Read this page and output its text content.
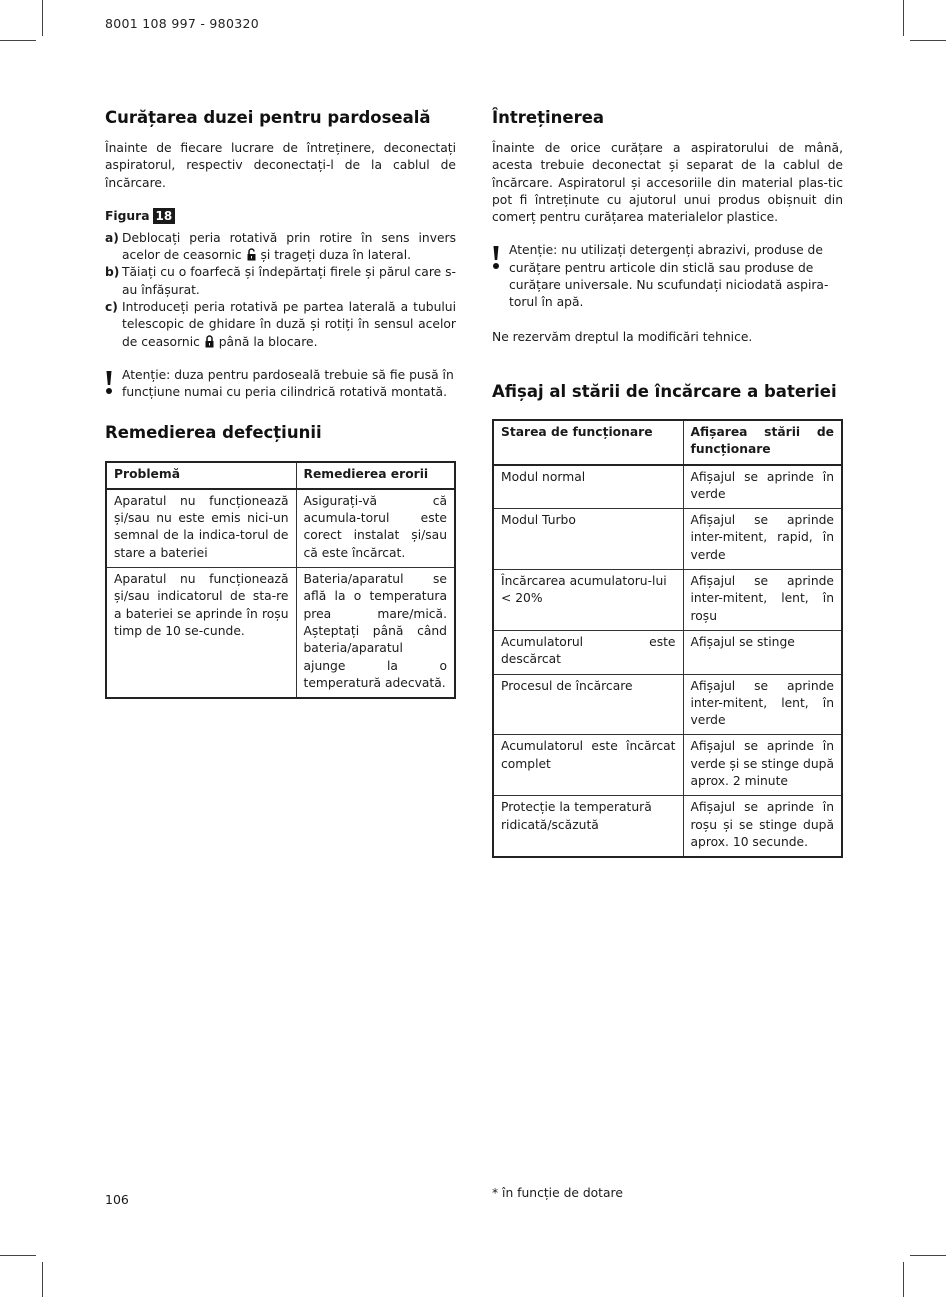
8001 108 997 - 980320
Curățarea duzei pentru pardoseală

Înainte de fiecare lucrare de întreținere, deconectați aspiratorul, respectiv deconectați-l de la cablul de încărcare.

Figura 18
a) Deblocați peria rotativă prin rotire în sens invers acelor de ceasornic și trageți duza în lateral.
b) Tăiați cu o foarfecă și îndepărtați firele și părul care s-au înfășurat.
c) Introduceți peria rotativă pe partea laterală a tubului telescopic de ghidare în duză și rotiți în sensul acelor de ceasornic până la blocare.
Atenție: duza pentru pardoseală trebuie să fie pusă în funcțiune numai cu peria cilindrică rotativă montată.
Remedierea defecțiunii
Problemă	Remedierea erorii
Aparatul nu funcționează și/sau nu este emis nici-un semnal de la indica-torul de stare a bateriei	Asigurați-vă că acumula-torul este corect instalat și/sau că este încărcat.
Aparatul nu funcționează și/sau indicatorul de sta-re a bateriei se aprinde în roșu timp de 10 se-cunde.	Bateria/aparatul se află la o temperatura prea mare/mică. Așteptați până când bateria/aparatul ajunge la o temperatură adecvată.
Întreținerea

Înainte de orice curățare a aspiratorului de mână, acesta trebuie deconectat și separat de la cablul de încărcare. Aspiratorul și accesoriile din material plas-tic pot fi întreținute cu ajutorul unui produs obișnuit din comerț pentru curățarea materialelor plastice.

Atenție: nu utilizați detergenți abrazivi, produse de curățare pentru articole din sticlă sau produse de curățare universale. Nu scufundați niciodată aspira-torul în apă.

Ne rezervăm dreptul la modificări tehnice.

Afișaj al stării de încărcare a bateriei
Starea de funcționare	Afișarea stării de funcționare
Modul normal	Afișajul se aprinde în verde
Modul Turbo	Afișajul se aprinde inter-mitent, rapid, în verde
Încărcarea acumulatoru-lui < 20%	Afișajul se aprinde inter-mitent, lent, în roșu
Acumulatorul este descărcat	Afișajul se stinge
Procesul de încărcare	Afișajul se aprinde inter-mitent, lent, în verde
Acumulatorul este încărcat complet	Afișajul se aprinde în verde și se stinge după aprox. 2 minute
Protecție la temperatură ridicată/scăzută	Afișajul se aprinde în roșu și se stinge după aprox. 10 secunde.
106	* în funcție de dotare
